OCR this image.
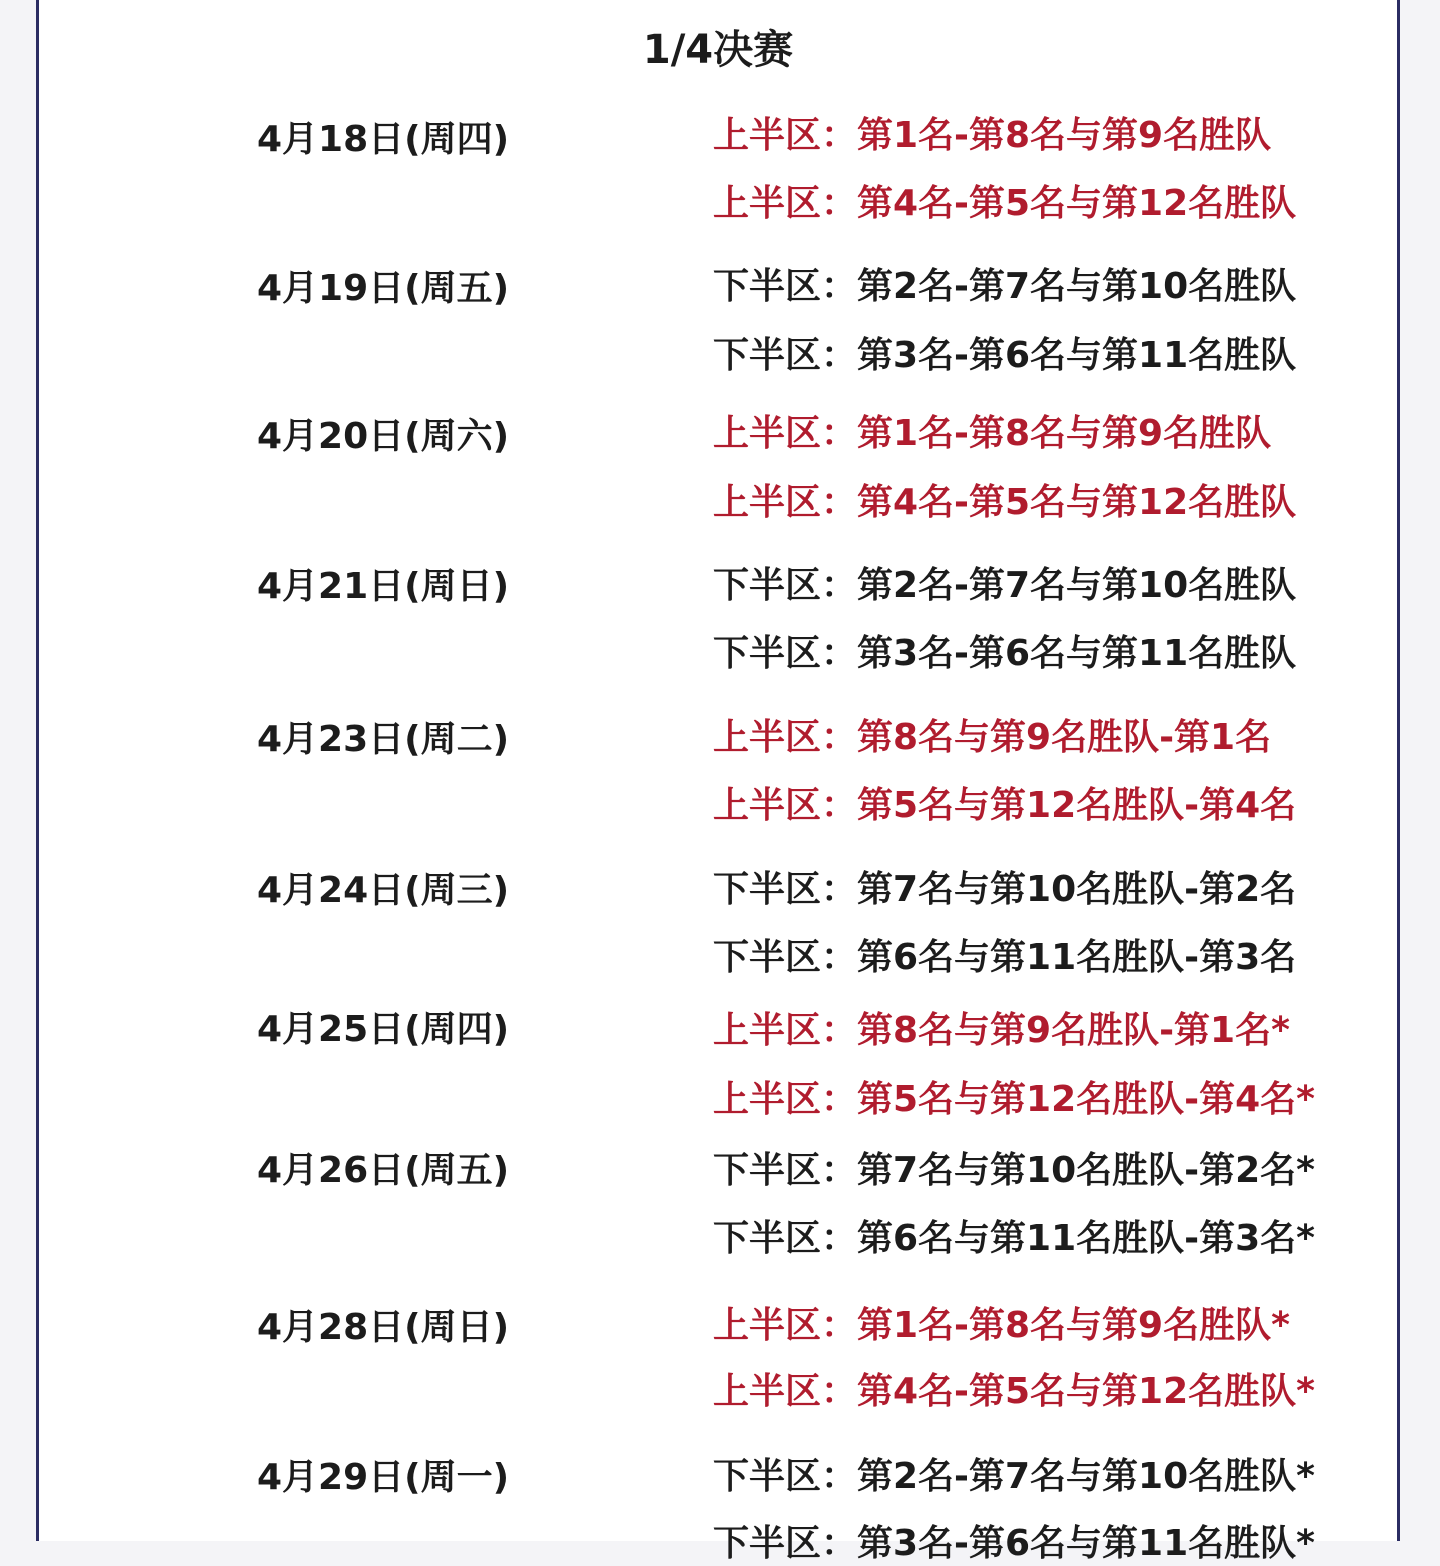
1/4决赛
4月18日(周四)	上半区：第1名-第8名与第9名胜队
上半区：第4名-第5名与第12名胜队
4月19日(周五)	下半区：第2名-第7名与第10名胜队
下半区：第3名-第6名与第11名胜队
4月20日(周六)	上半区：第1名-第8名与第9名胜队
上半区：第4名-第5名与第12名胜队
4月21日(周日)	下半区：第2名-第7名与第10名胜队
下半区：第3名-第6名与第11名胜队
4月23日(周二)	上半区：第8名与第9名胜队-第1名
上半区：第5名与第12名胜队-第4名
4月24日(周三)	下半区：第7名与第10名胜队-第2名
下半区：第6名与第11名胜队-第3名
4月25日(周四)	上半区：第8名与第9名胜队-第1名*
上半区：第5名与第12名胜队-第4名*
4月26日(周五)	下半区：第7名与第10名胜队-第2名*
下半区：第6名与第11名胜队-第3名*
4月28日(周日)	上半区：第1名-第8名与第9名胜队*
上半区：第4名-第5名与第12名胜队*
4月29日(周一)	下半区：第2名-第7名与第10名胜队*
下半区：第3名-第6名与第11名胜队*
